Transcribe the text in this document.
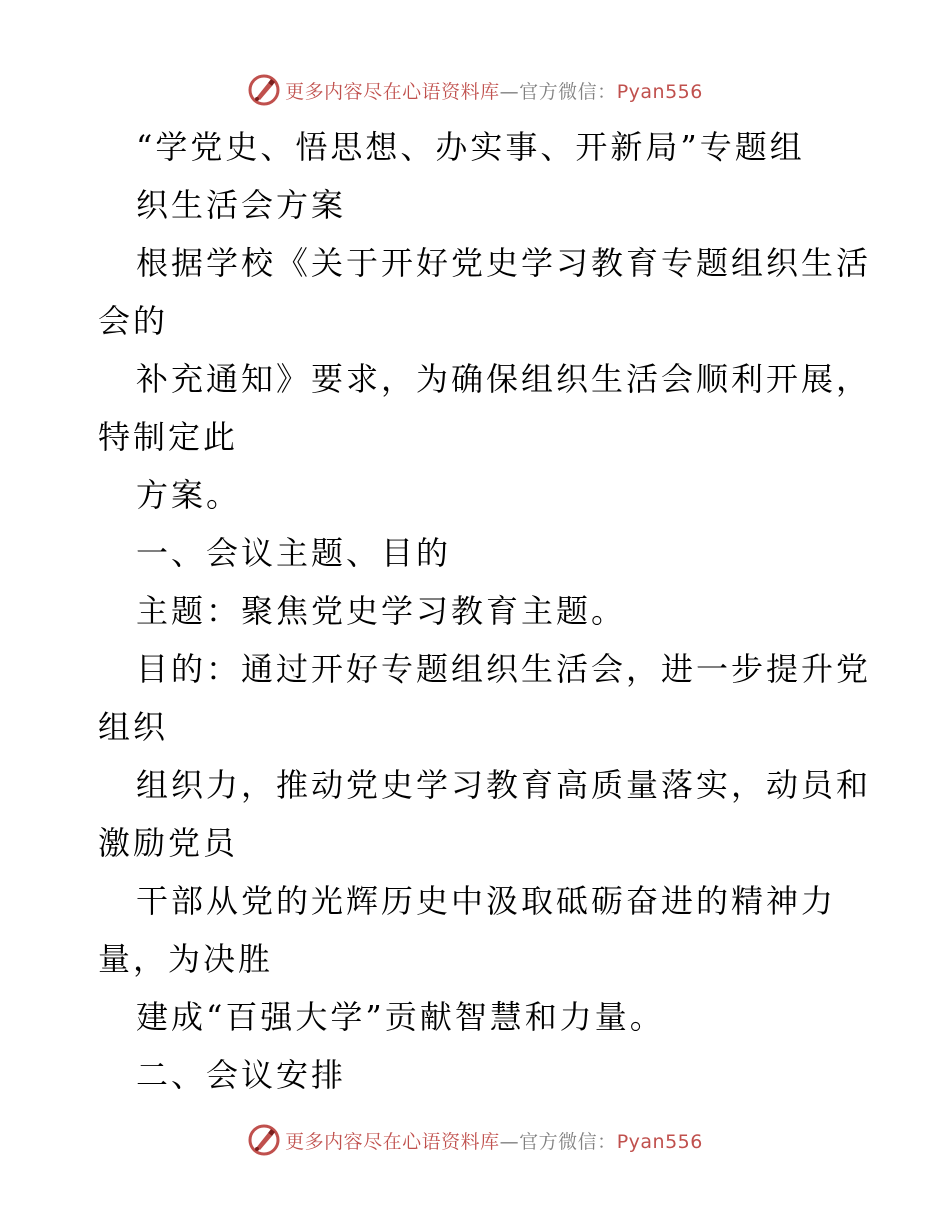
更多内容尽在心语资料库—官方微信：Pyan556
“学党史、悟思想、办实事、开新局”专题组
织生活会方案
根据学校《关于开好党史学习教育专题组织生活
会的
补充通知》要求，为确保组织生活会顺利开展，
特制定此
方案。
一、会议主题、目的
主题：聚焦党史学习教育主题。
目的：通过开好专题组织生活会，进一步提升党
组织
组织力，推动党史学习教育高质量落实，动员和
激励党员
干部从党的光辉历史中汲取砥砺奋进的精神力
量，为决胜
建成“百强大学”贡献智慧和力量。
二、会议安排
更多内容尽在心语资料库—官方微信：Pyan556
